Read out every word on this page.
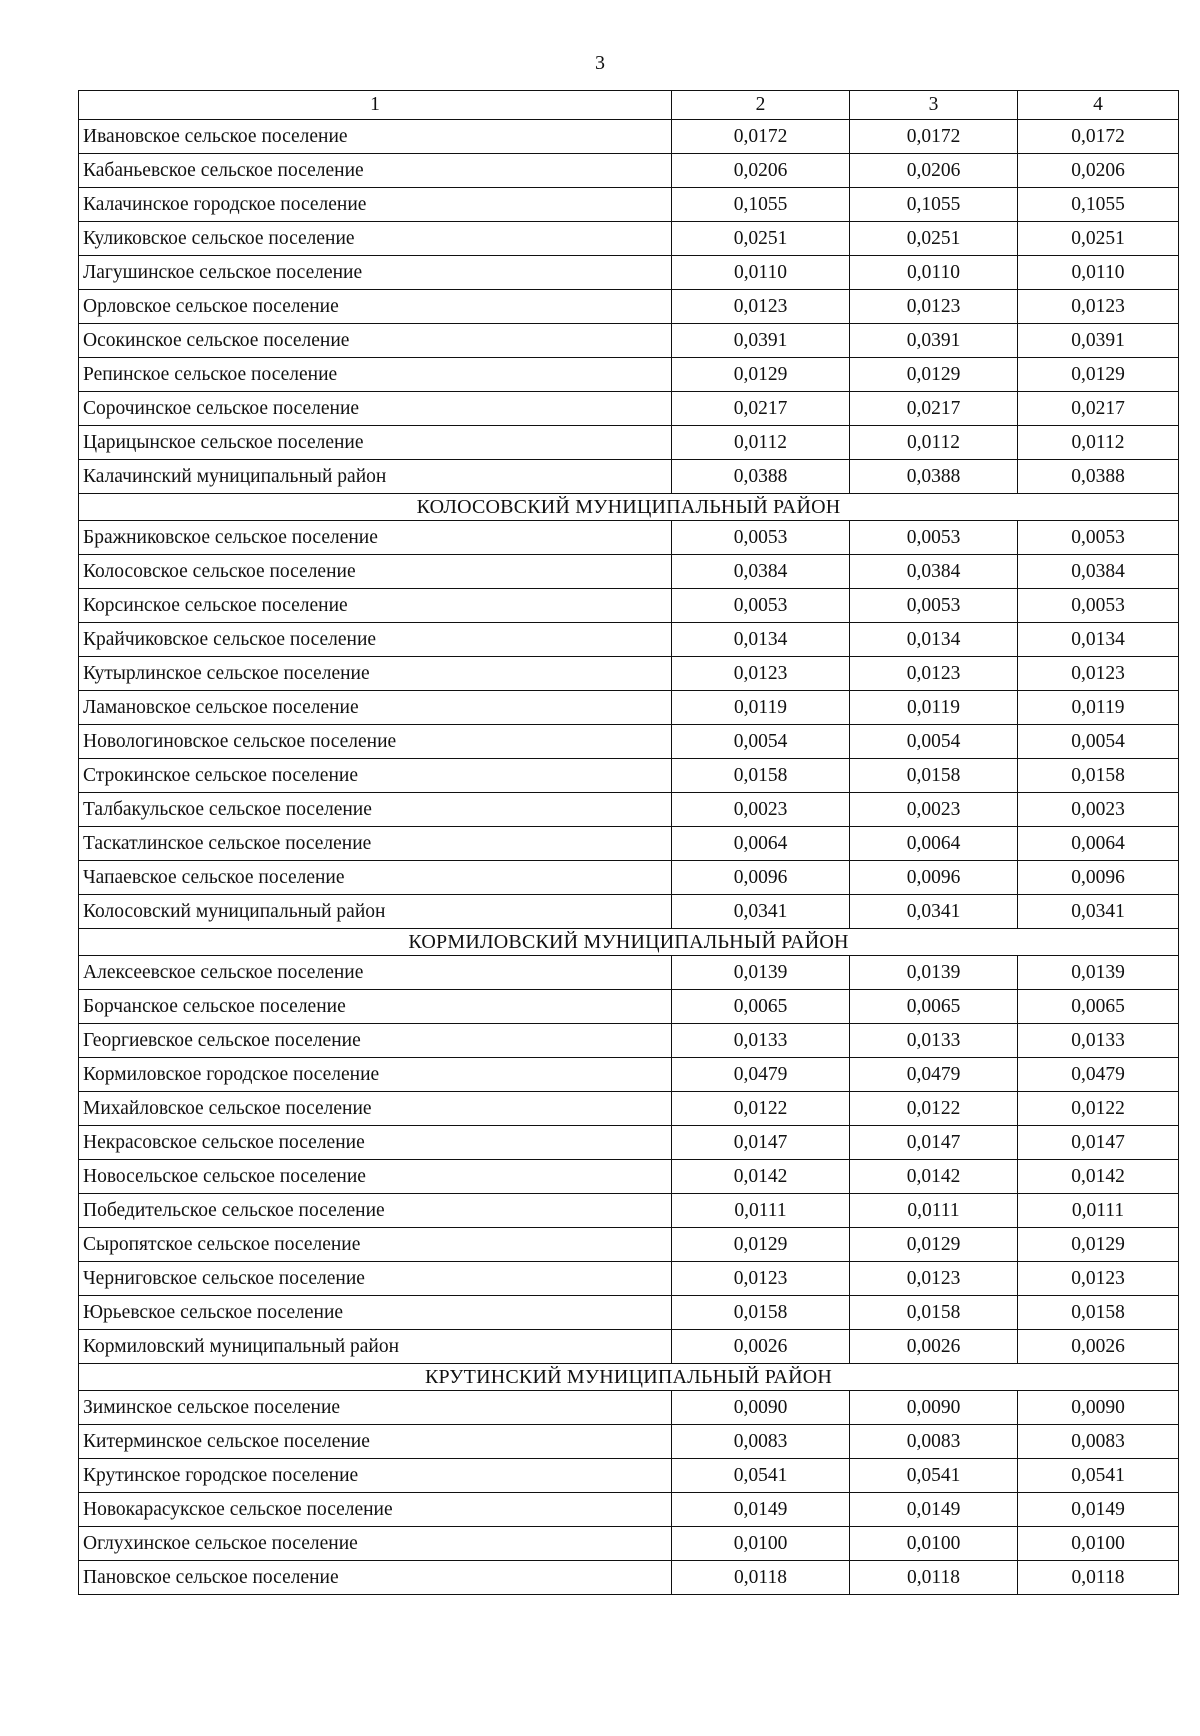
3
1	2	3	4
Ивановское сельское поселение	0,0172	0,0172	0,0172
Кабаньевское сельское поселение	0,0206	0,0206	0,0206
Калачинское городское поселение	0,1055	0,1055	0,1055
Куликовское сельское поселение	0,0251	0,0251	0,0251
Лагушинское сельское поселение	0,0110	0,0110	0,0110
Орловское сельское поселение	0,0123	0,0123	0,0123
Осокинское сельское поселение	0,0391	0,0391	0,0391
Репинское сельское поселение	0,0129	0,0129	0,0129
Сорочинское сельское поселение	0,0217	0,0217	0,0217
Царицынское сельское поселение	0,0112	0,0112	0,0112
Калачинский муниципальный район	0,0388	0,0388	0,0388
КОЛОСОВСКИЙ МУНИЦИПАЛЬНЫЙ РАЙОН			
Бражниковское сельское поселение	0,0053	0,0053	0,0053
Колосовское сельское поселение	0,0384	0,0384	0,0384
Корсинское сельское поселение	0,0053	0,0053	0,0053
Крайчиковское сельское поселение	0,0134	0,0134	0,0134
Кутырлинское сельское поселение	0,0123	0,0123	0,0123
Ламановское сельское поселение	0,0119	0,0119	0,0119
Новологиновское сельское поселение	0,0054	0,0054	0,0054
Строкинское сельское поселение	0,0158	0,0158	0,0158
Талбакульское сельское поселение	0,0023	0,0023	0,0023
Таскатлинское сельское поселение	0,0064	0,0064	0,0064
Чапаевское сельское поселение	0,0096	0,0096	0,0096
Колосовский муниципальный район	0,0341	0,0341	0,0341
КОРМИЛОВСКИЙ МУНИЦИПАЛЬНЫЙ РАЙОН			
Алексеевское сельское поселение	0,0139	0,0139	0,0139
Борчанское сельское поселение	0,0065	0,0065	0,0065
Георгиевское сельское поселение	0,0133	0,0133	0,0133
Кормиловское городское поселение	0,0479	0,0479	0,0479
Михайловское сельское поселение	0,0122	0,0122	0,0122
Некрасовское сельское поселение	0,0147	0,0147	0,0147
Новосельское сельское поселение	0,0142	0,0142	0,0142
Победительское сельское поселение	0,0111	0,0111	0,0111
Сыропятское сельское поселение	0,0129	0,0129	0,0129
Черниговское сельское поселение	0,0123	0,0123	0,0123
Юрьевское сельское поселение	0,0158	0,0158	0,0158
Кормиловский муниципальный район	0,0026	0,0026	0,0026
КРУТИНСКИЙ МУНИЦИПАЛЬНЫЙ РАЙОН			
Зиминское сельское поселение	0,0090	0,0090	0,0090
Китерминское сельское поселение	0,0083	0,0083	0,0083
Крутинское городское поселение	0,0541	0,0541	0,0541
Новокарасукское сельское поселение	0,0149	0,0149	0,0149
Оглухинское сельское поселение	0,0100	0,0100	0,0100
Пановское сельское поселение	0,0118	0,0118	0,0118
